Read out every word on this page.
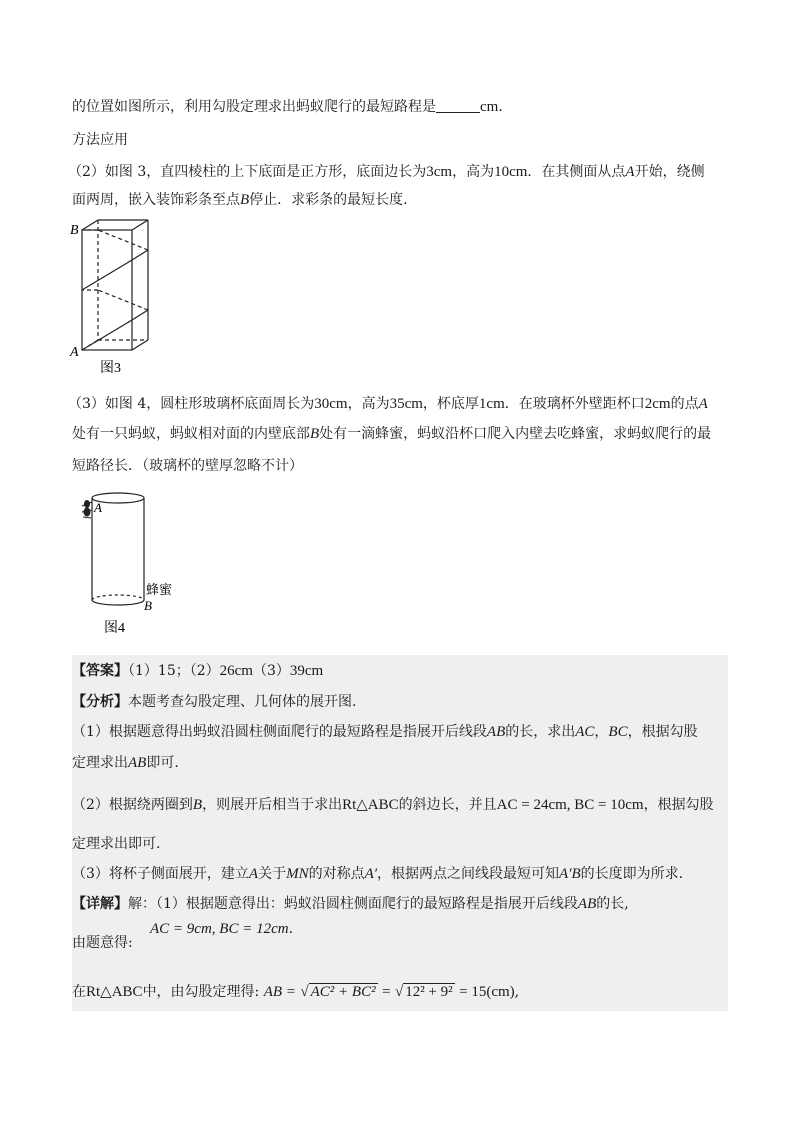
的位置如图所示，利用勾股定理求出蚂蚁爬行的最短路程是	cm.
方法应用
（2）如图 3，直四棱柱的上下底面是正方形，底面边长为3cm，高为10cm．在其侧面从点A开始，绕侧
面两周，嵌入装饰彩条至点B停止．求彩条的最短长度.
B
A
图3
（3）如图 4，圆柱形玻璃杯底面周长为30cm，高为35cm，杯底厚1cm．在玻璃杯外壁距杯口2cm的点A
处有一只蚂蚁，蚂蚁相对面的内壁底部B处有一滴蜂蜜，蚂蚁沿杯口爬入内壁去吃蜂蜜，求蚂蚁爬行的最
短路径长．（玻璃杯的壁厚忽略不计）
A
蜂蜜
B
图4
【答案】（1）15；（2）26cm（3）39cm
【分析】本题考查勾股定理、几何体的展开图.
（1）根据题意得出蚂蚁沿圆柱侧面爬行的最短路程是指展开后线段AB的长，求出AC，BC，根据勾股
定理求出AB即可.
（2）根据绕两圈到B，则展开后相当于求出Rt△ABC的斜边长，并且AC = 24cm, BC = 10cm，根据勾股
定理求出即可.
（3）将杯子侧面展开，建立A关于MN的对称点A′，根据两点之间线段最短可知A′B的长度即为所求.
【详解】解：（1）根据题意得出：蚂蚁沿圆柱侧面爬行的最短路程是指展开后线段AB的长,
AC = 9cm, BC = 12cm.
由题意得:
在Rt△ABC中，由勾股定理得: AB = √ AC² + BC² = √ 12² + 9² = 15(cm),
